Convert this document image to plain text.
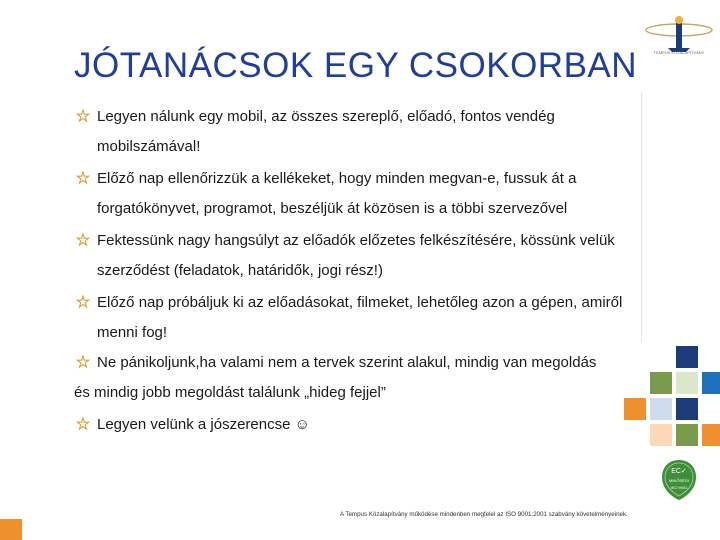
JÓTANÁCSOK EGY CSOKORBAN	TEMPUS KÖZALAPÍTVÁNY
Legyen nálunk egy mobil, az összes szereplő, előadó, fontos vendég
mobilszámával!
Előző nap ellenőrizzük a kellékeket, hogy minden megvan-e, fussuk át a
forgatókönyvet, programot, beszéljük át közösen is a többi szervezővel
Fektessünk nagy hangsúlyt az előadók előzetes felkészítésére, kössünk velük
szerződést (feladatok, határidők, jogi rész!)
Előző nap próbáljuk ki az előadásokat, filmeket, lehetőleg azon a gépen, amiről
menni fog!
Ne pánikoljunk,ha valami nem a tervek szerint alakul, mindig van megoldás
és mindig jobb megoldást találunk „hideg fejjel”
Legyen velünk a jószerencse ☺
EC✓
MINŐSÉGI
ISO 9001
A Tempus Közalapítvány működése mindenben megfelel az ISO 9001:2001 szabvány követelményeinek.
